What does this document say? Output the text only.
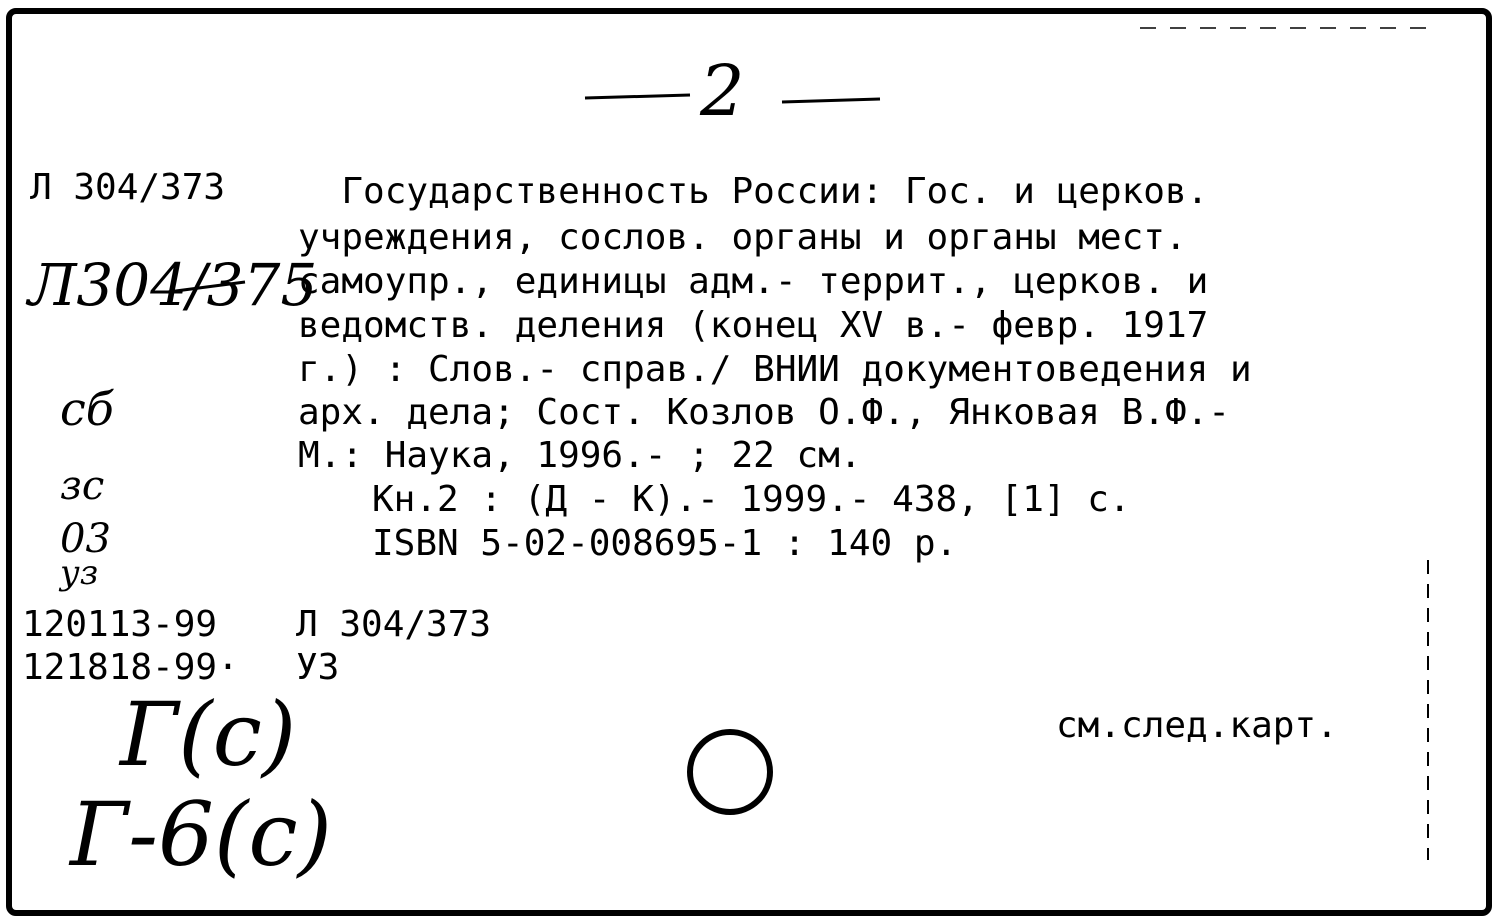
2
Л 304/373
Л304/375
сб
зс
03
уз
120113-99 Л 304/373
121818-99· УЗ
Г(с)
Г-6(с)
Государственность России: Гос. и церков.
учреждения, сослов. органы и органы мест.
самоупр., единицы адм.- террит., церков. и
ведомств. деления (конец XV в.- февр. 1917
г.) : Слов.- справ./ ВНИИ документоведения и
арх. дела; Сост. Козлов О.Ф., Янковая В.Ф.-
М.: Наука, 1996.- ; 22 см.
Кн.2 : (Д - К).- 1999.- 438, [1] с.
ISBN 5-02-008695-1 : 140 р.
см.след.карт.
